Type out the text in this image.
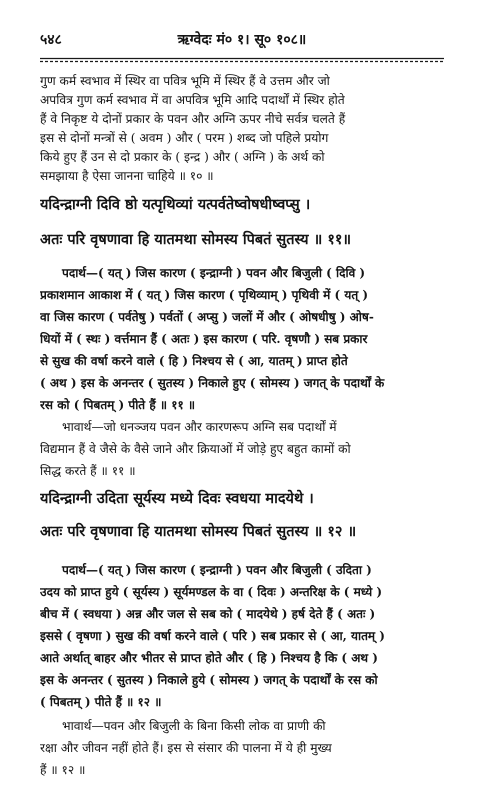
५४८	ऋग्वेदः मं० १। सू० १०८॥
गुण कर्म स्वभाव में स्थिर वा पवित्र भूमि में स्थिर हैं वे उत्तम और जो
अपवित्र गुण कर्म स्वभाव में वा अपवित्र भूमि आदि पदार्थों में स्थिर होते
हैं वे निकृष्ट ये दोनों प्रकार के पवन और अग्नि ऊपर नीचे सर्वत्र चलते हैं
इस से दोनों मन्त्रों से ( अवम ) और ( परम ) शब्द जो पहिले प्रयोग
किये हुए हैं उन से दो प्रकार के ( इन्द्र ) और ( अग्नि ) के अर्थ को
समझाया है ऐसा जानना चाहिये ॥ १० ॥
यदिन्द्राग्नी दिवि ष्ठो यत्पृथिव्यां यत्पर्वतेष्वोषधीष्वप्सु ।
अतः परि वृषणावा हि यातमथा सोमस्य पिबतं सुतस्य ॥ ११॥
पदार्थ—( यत् ) जिस कारण ( इन्द्राग्नी ) पवन और बिजुली ( दिवि )
प्रकाशमान आकाश में ( यत् ) जिस कारण ( पृथिव्याम् ) पृथिवी में ( यत् )
वा जिस कारण ( पर्वतेषु ) पर्वतों ( अप्सु ) जलों में और ( ओषधीषु ) ओष-
धियों में ( स्थः ) वर्त्तमान हैं ( अतः ) इस कारण ( परि. वृषणौ ) सब प्रकार
से सुख की वर्षा करने वाले ( हि ) निश्चय से ( आ, यातम् ) प्राप्त होते
( अथ ) इस के अनन्तर ( सुतस्य ) निकाले हुए ( सोमस्य ) जगत् के पदार्थों के
रस को ( पिबतम् ) पीते हैं ॥ ११ ॥
भावार्थ—जो धनञ्जय पवन और कारणरूप अग्नि सब पदार्थों में
विद्यमान हैं वे जैसे के वैसे जाने और क्रियाओं में जोड़े हुए बहुत कामों को
सिद्ध करते हैं ॥ ११ ॥
यदिन्द्राग्नी उदिता सूर्यस्य मध्ये दिवः स्वधया मादयेथे ।
अतः परि वृषणावा हि यातमथा सोमस्य पिबतं सुतस्य ॥ १२ ॥
पदार्थ—( यत् ) जिस कारण ( इन्द्राग्नी ) पवन और बिजुली ( उदिता )
उदय को प्राप्त हुये ( सूर्यस्य ) सूर्यमण्डल के वा ( दिवः ) अन्तरिक्ष के ( मध्ये )
बीच में ( स्वधया ) अन्न और जल से सब को ( मादयेथे ) हर्ष देते हैं ( अतः )
इससे ( वृषणा ) सुख की वर्षा करने वाले ( परि ) सब प्रकार से ( आ, यातम् )
आते अर्थात् बाहर और भीतर से प्राप्त होते और ( हि ) निश्चय है कि ( अथ )
इस के अनन्तर ( सुतस्य ) निकाले हुये ( सोमस्य ) जगत् के पदार्थों के रस को
( पिबतम् ) पीते हैं ॥ १२ ॥
भावार्थ—पवन और बिजुली के बिना किसी लोक वा प्राणी की
रक्षा और जीवन नहीं होते हैं। इस से संसार की पालना में ये ही मुख्य
हैं ॥ १२ ॥
